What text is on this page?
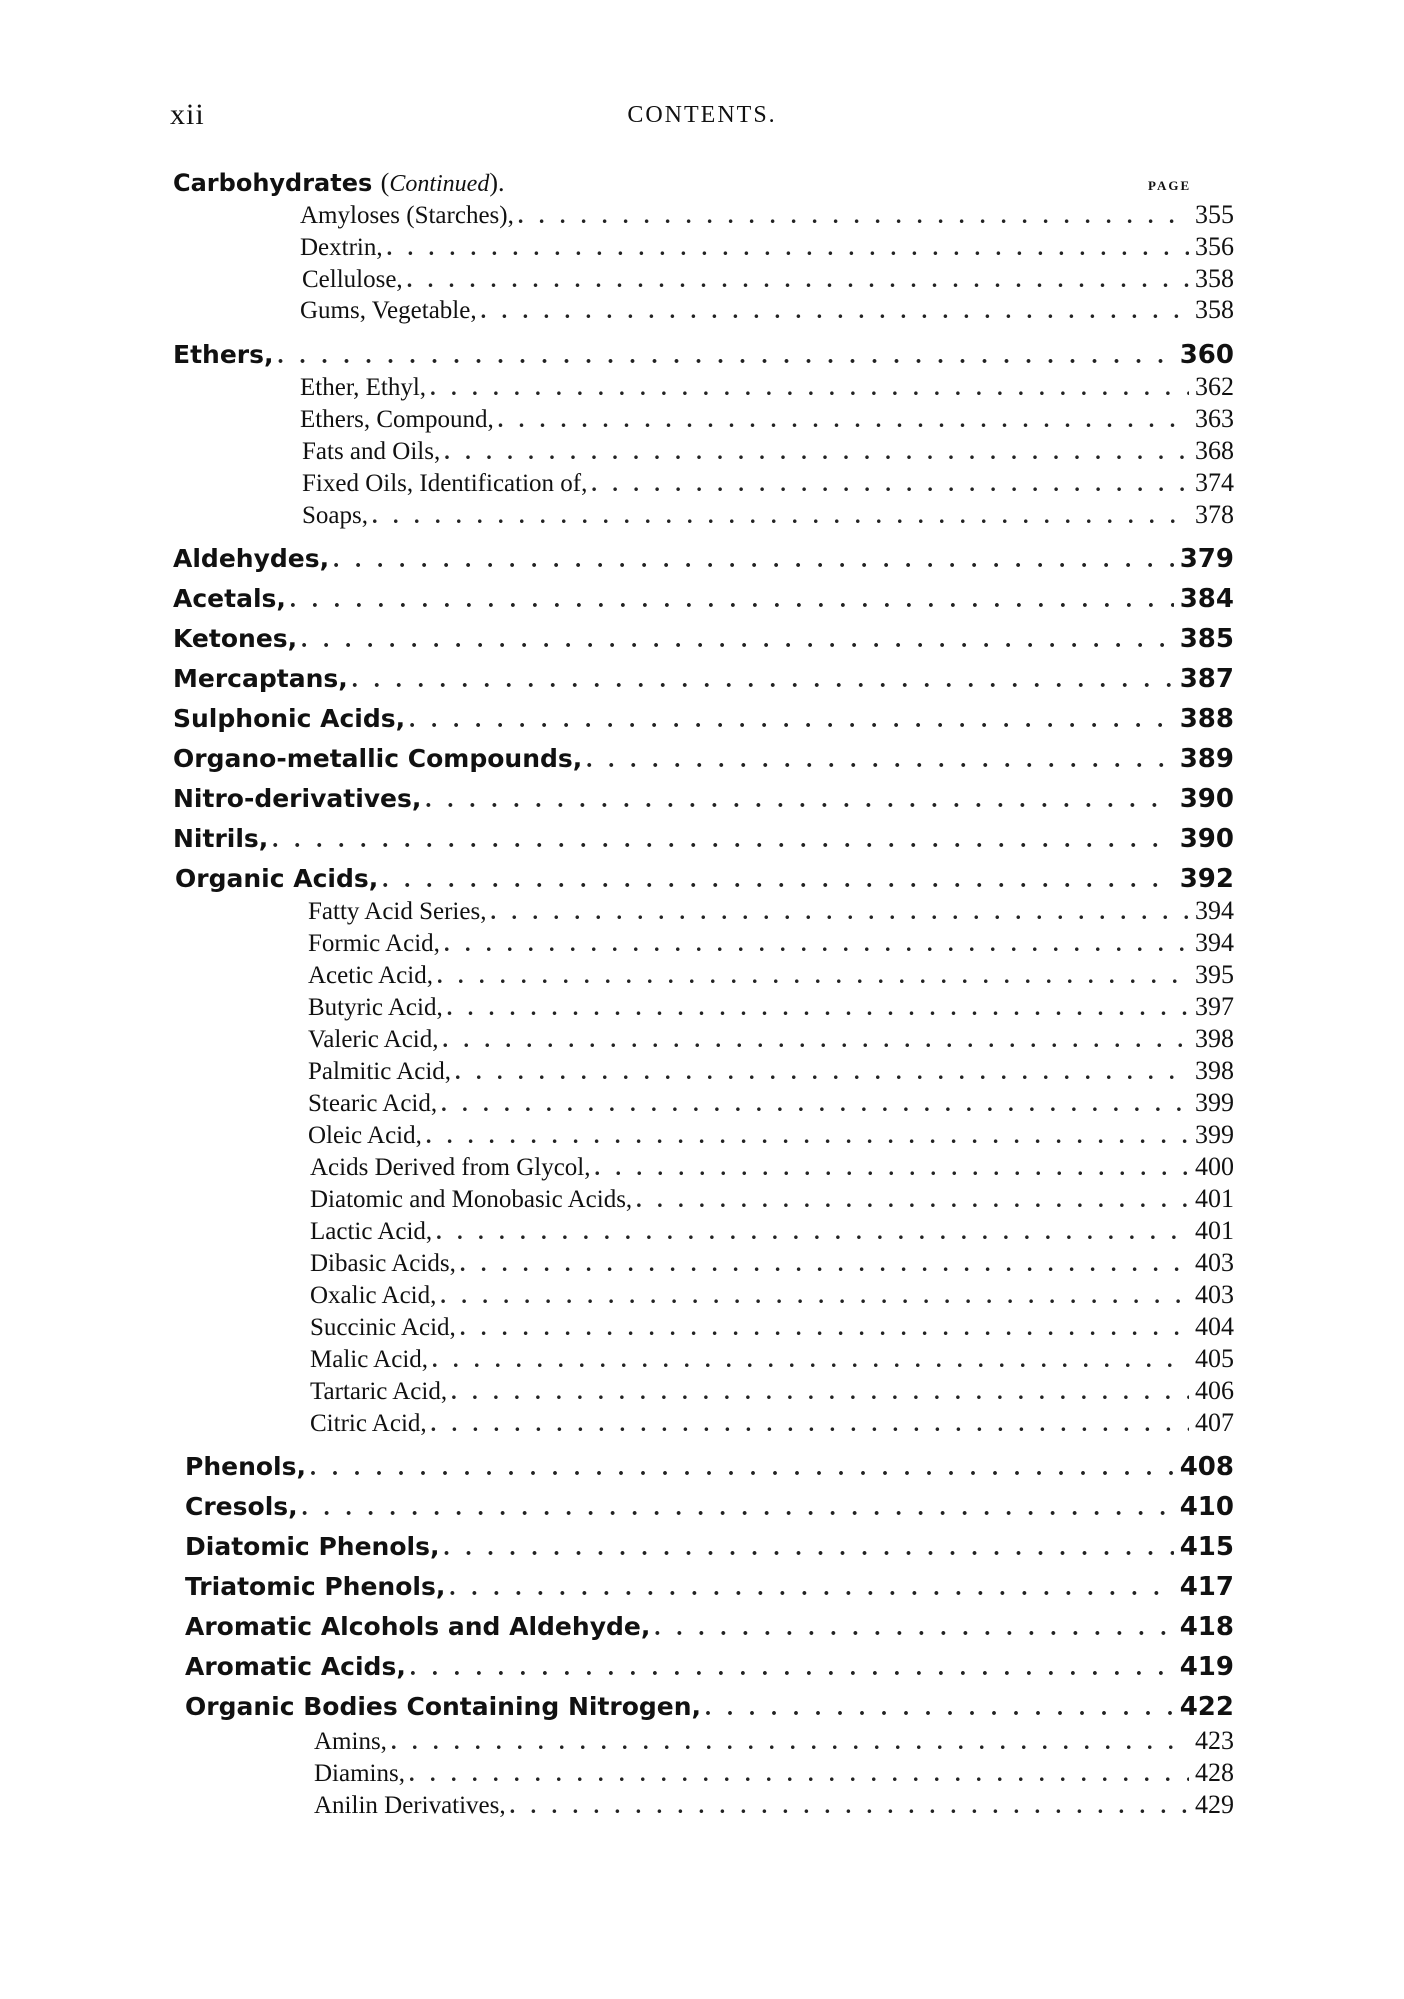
xii	CONTENTS.
PAGE
Carbohydrates (Continued).
Amyloses (Starches), . . .	355
Dextrin, . . .	356
Cellulose, . . .	358
Gums, Vegetable, . . .	358
Ethers, . . .	360
Ether, Ethyl, . . .	362
Ethers, Compound, . . .	363
Fats and Oils, . . .	368
Fixed Oils, Identification of, . . .	374
Soaps, . . .	378
Aldehydes, . . .	379
Acetals, . . .	384
Ketones, . . .	385
Mercaptans, . . .	387
Sulphonic Acids, . . .	388
Organo-metallic Compounds, . . .	389
Nitro-derivatives, . . .	390
Nitrils, . . .	390
Organic Acids, . . .	392
Fatty Acid Series, . . .	394
Formic Acid, . . .	394
Acetic Acid, . . .	395
Butyric Acid, . . .	397
Valeric Acid, . . .	398
Palmitic Acid, . . .	398
Stearic Acid, . . .	399
Oleic Acid, . . .	399
Acids Derived from Glycol, . . .	400
Diatomic and Monobasic Acids, . . .	401
Lactic Acid, . . .	401
Dibasic Acids, . . .	403
Oxalic Acid, . . .	403
Succinic Acid, . . .	404
Malic Acid, . . .	405
Tartaric Acid, . . .	406
Citric Acid, . . .	407
Phenols, . . .	408
Cresols, . . .	410
Diatomic Phenols, . . .	415
Triatomic Phenols, . . .	417
Aromatic Alcohols and Aldehyde, . . .	418
Aromatic Acids, . . .	419
Organic Bodies Containing Nitrogen, . . .	422
Amins, . . .	423
Diamins, . . .	428
Anilin Derivatives, . . .	429
